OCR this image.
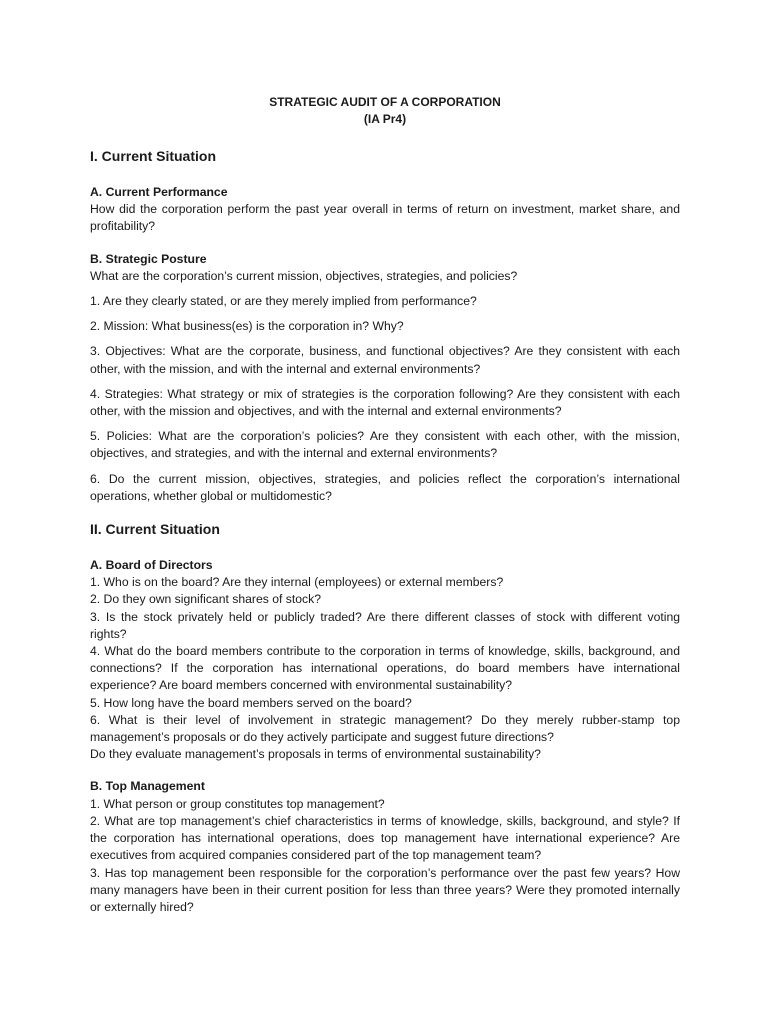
STRATEGIC AUDIT OF A CORPORATION

(IA Pr4)

I. Current Situation

A. Current Performance

How did the corporation perform the past year overall in terms of return on investment, market share, and profitability?

B. Strategic Posture

What are the corporation’s current mission, objectives, strategies, and policies?

1. Are they clearly stated, or are they merely implied from performance?

2. Mission: What business(es) is the corporation in? Why?

3. Objectives: What are the corporate, business, and functional objectives? Are they consistent with each other, with the mission, and with the internal and external environments?

4. Strategies: What strategy or mix of strategies is the corporation following? Are they consistent with each other, with the mission and objectives, and with the internal and external environments?

5. Policies: What are the corporation’s policies? Are they consistent with each other, with the mission, objectives, and strategies, and with the internal and external environments?

6. Do the current mission, objectives, strategies, and policies reflect the corporation’s international operations, whether global or multidomestic?

II. Current Situation

A. Board of Directors

1. Who is on the board? Are they internal (employees) or external members?

2. Do they own significant shares of stock?

3. Is the stock privately held or publicly traded? Are there different classes of stock with different voting rights?

4. What do the board members contribute to the corporation in terms of knowledge, skills, background, and connections? If the corporation has international operations, do board members have international experience? Are board members concerned with environmental sustainability?

5. How long have the board members served on the board?

6. What is their level of involvement in strategic management? Do they merely rubber-stamp top management’s proposals or do they actively participate and suggest future directions?

Do they evaluate management’s proposals in terms of environmental sustainability?

B. Top Management

1. What person or group constitutes top management?

2. What are top management’s chief characteristics in terms of knowledge, skills, background, and style? If the corporation has international operations, does top management have international experience? Are executives from acquired companies considered part of the top management team?

3. Has top management been responsible for the corporation’s performance over the past few years? How many managers have been in their current position for less than three years? Were they promoted internally or externally hired?
